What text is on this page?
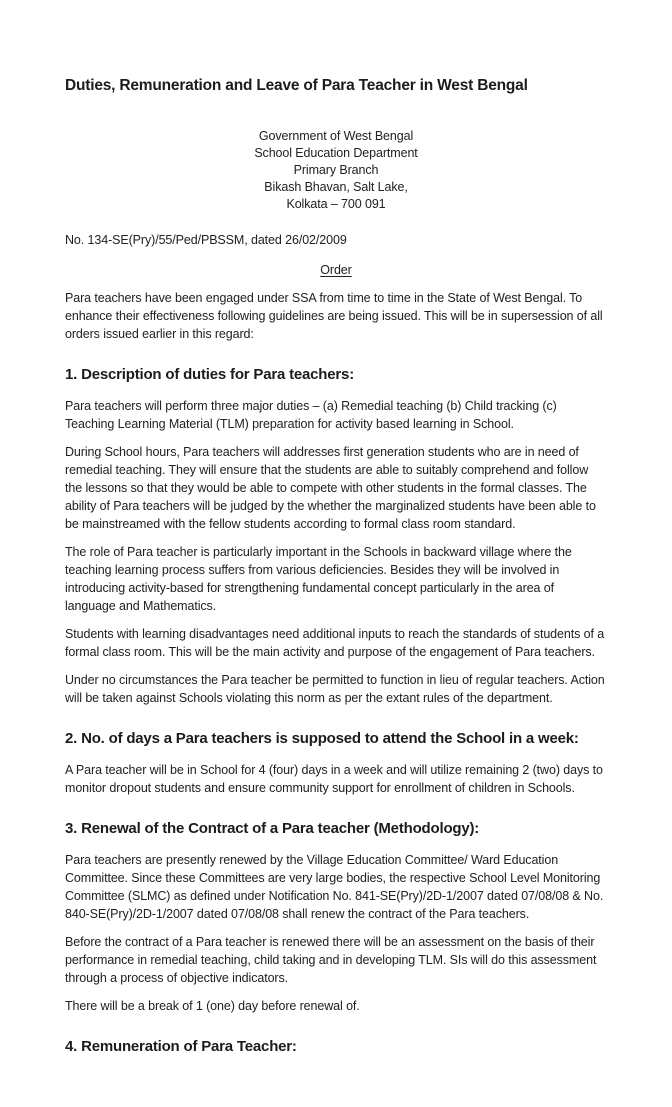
Duties, Remuneration and Leave of Para Teacher in West Bengal
Government of West Bengal
School Education Department
Primary Branch
Bikash Bhavan, Salt Lake,
Kolkata – 700 091

No. 134-SE(Pry)/55/Ped/PBSSM, dated 26/02/2009

Order

Para teachers have been engaged under SSA from time to time in the State of West Bengal. To enhance their effectiveness following guidelines are being issued. This will be in supersession of all orders issued earlier in this regard:

1. Description of duties for Para teachers:

Para teachers will perform three major duties – (a) Remedial teaching (b) Child tracking (c) Teaching Learning Material (TLM) preparation for activity based learning in School.

During School hours, Para teachers will addresses first generation students who are in need of remedial teaching. They will ensure that the students are able to suitably comprehend and follow the lessons so that they would be able to compete with other students in the formal classes. The ability of Para teachers will be judged by the whether the marginalized students have been able to be mainstreamed with the fellow students according to formal class room standard.

The role of Para teacher is particularly important in the Schools in backward village where the teaching learning process suffers from various deficiencies. Besides they will be involved in introducing activity-based for strengthening fundamental concept particularly in the area of language and Mathematics.

Students with learning disadvantages need additional inputs to reach the standards of students of a formal class room. This will be the main activity and purpose of the engagement of Para teachers.

Under no circumstances the Para teacher be permitted to function in lieu of regular teachers. Action will be taken against Schools violating this norm as per the extant rules of the department.

2. No. of days a Para teachers is supposed to attend the School in a week:

A Para teacher will be in School for 4 (four) days in a week and will utilize remaining 2 (two) days to monitor dropout students and ensure community support for enrollment of children in Schools.

3. Renewal of the Contract of a Para teacher (Methodology):

Para teachers are presently renewed by the Village Education Committee/ Ward Education Committee. Since these Committees are very large bodies, the respective School Level Monitoring Committee (SLMC) as defined under Notification No. 841-SE(Pry)/2D-1/2007 dated 07/08/08 & No. 840-SE(Pry)/2D-1/2007 dated 07/08/08 shall renew the contract of the Para teachers.

Before the contract of a Para teacher is renewed there will be an assessment on the basis of their performance in remedial teaching, child taking and in developing TLM. SIs will do this assessment through a process of objective indicators.

There will be a break of 1 (one) day before renewal of.

4. Remuneration of Para Teacher:
